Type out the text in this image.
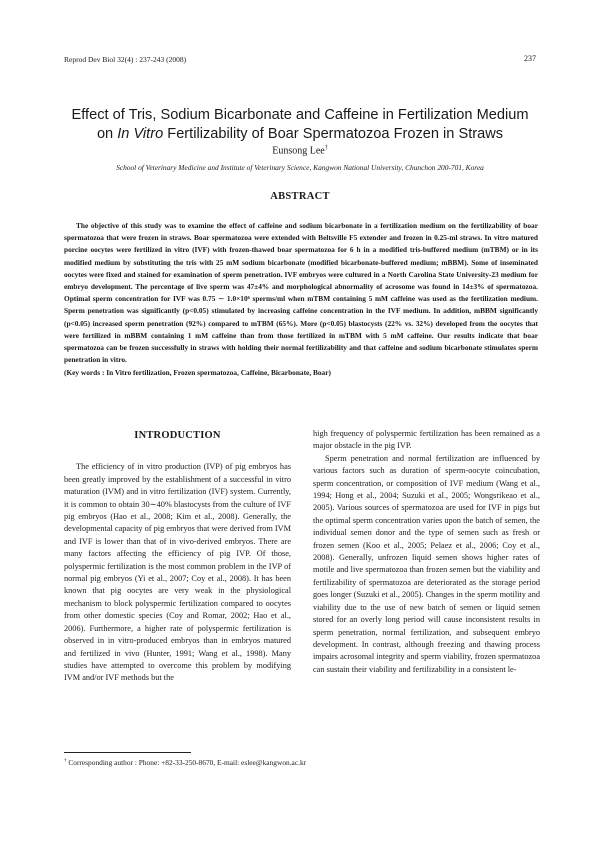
Reprod Dev Biol 32(4) : 237-243 (2008)	237
Effect of Tris, Sodium Bicarbonate and Caffeine in Fertilization Medium
on In Vitro Fertilizability of Boar Spermatozoa Frozen in Straws
Eunsong Lee†
School of Veterinary Medicine and Institute of Veterinary Science, Kangwon National University, Chunchon 200-701, Korea
ABSTRACT

The objective of this study was to examine the effect of caffeine and sodium bicarbonate in a fertilization medium on the fertilizability of boar spermatozoa that were frozen in straws. Boar spermatozoa were extended with Beltsville F5 extender and frozen in 0.25-ml straws. In vitro matured porcine oocytes were fertilized in vitro (IVF) with frozen-thawed boar spermatozoa for 6 h in a modified tris-buffered medium (mTBM) or in its modified medium by substituting the tris with 25 mM sodium bicarbonate (modified bicarbonate-buffered medium; mBBM). Some of inseminated oocytes were fixed and stained for examination of sperm penetration. IVF embryos were cultured in a North Carolina State University-23 medium for embryo development. The percentage of live sperm was 47±4% and morphological abnormality of acrosome was found in 14±3% of spermatozoa. Optimal sperm concentration for IVF was 0.75 ∼ 1.0×10⁶ sperms/ml when mTBM containing 5 mM caffeine was used as the fertilization medium. Sperm penetration was significantly (p<0.05) stimulated by increasing caffeine concentration in the IVF medium. In addition, mBBM significantly (p<0.05) increased sperm penetration (92%) compared to mTBM (65%). More (p<0.05) blastocysts (22% vs. 32%) developed from the oocytes that were fertilized in mBBM containing 1 mM caffeine than from those fertilized in mTBM with 5 mM caffeine. Our results indicate that boar spermatozoa can be frozen successfully in straws with holding their normal fertilizability and that caffeine and sodium bicarbonate stimulates sperm penetration in vitro.

(Key words : In Vitro fertilization, Frozen spermatozoa, Caffeine, Bicarbonate, Boar)

INTRODUCTION

The efficiency of in vitro production (IVP) of pig embryos has been greatly improved by the establishment of a successful in vitro maturation (IVM) and in vitro fertilization (IVF) system. Currently, it is common to obtain 30∼40% blastocysts from the culture of IVF pig embryos (Hao et al., 2008; Kim et al., 2008). Generally, the developmental capacity of pig embryos that were derived from IVM and IVF is lower than that of in vivo-derived embryos. There are many factors affecting the efficiency of pig IVP. Of those, polyspermic fertilization is the most common problem in the IVP of normal pig embryos (Yi et al., 2007; Coy et al., 2008). It has been known that pig oocytes are very weak in the physiological mechanism to block polyspermic fertilization compared to oocytes from other domestic species (Coy and Romar, 2002; Hao et al., 2006). Furthermore, a higher rate of polyspermic fertilization is observed in in vitro-produced embryos than in embryos matured and fertilized in vivo (Hunter, 1991; Wang et al., 1998). Many studies have attempted to overcome this problem by modifying IVM and/or IVF methods but the

high frequency of polyspermic fertilization has been remained as a major obstacle in the pig IVP.

Sperm penetration and normal fertilization are influenced by various factors such as duration of sperm-oocyte coincubation, sperm concentration, or composition of IVF medium (Wang et al., 1994; Hong et al., 2004; Suzuki et al., 2005; Wongsrikeao et al., 2005). Various sources of spermatozoa are used for IVF in pigs but the optimal sperm concentration varies upon the batch of semen, the individual semen donor and the type of semen such as fresh or frozen semen (Koo et al., 2005; Pelaez et al., 2006; Coy et al., 2008). Generally, unfrozen liquid semen shows higher rates of motile and live spermatozoa than frozen semen but the viability and fertilizability of spermatozoa are deteriorated as the storage period goes longer (Suzuki et al., 2005). Changes in the sperm motility and viability due to the use of new batch of semen or liquid semen stored for an overly long period will cause inconsistent results in sperm penetration, normal fertilization, and subsequent embryo development. In contrast, although freezing and thawing process impairs acrosomal integrity and sperm viability, frozen spermatozoa can sustain their viability and fertilizability in a consistent le-

† Corresponding author : Phone: +82-33-250-8670, E-mail: eslee@kangwon.ac.kr
